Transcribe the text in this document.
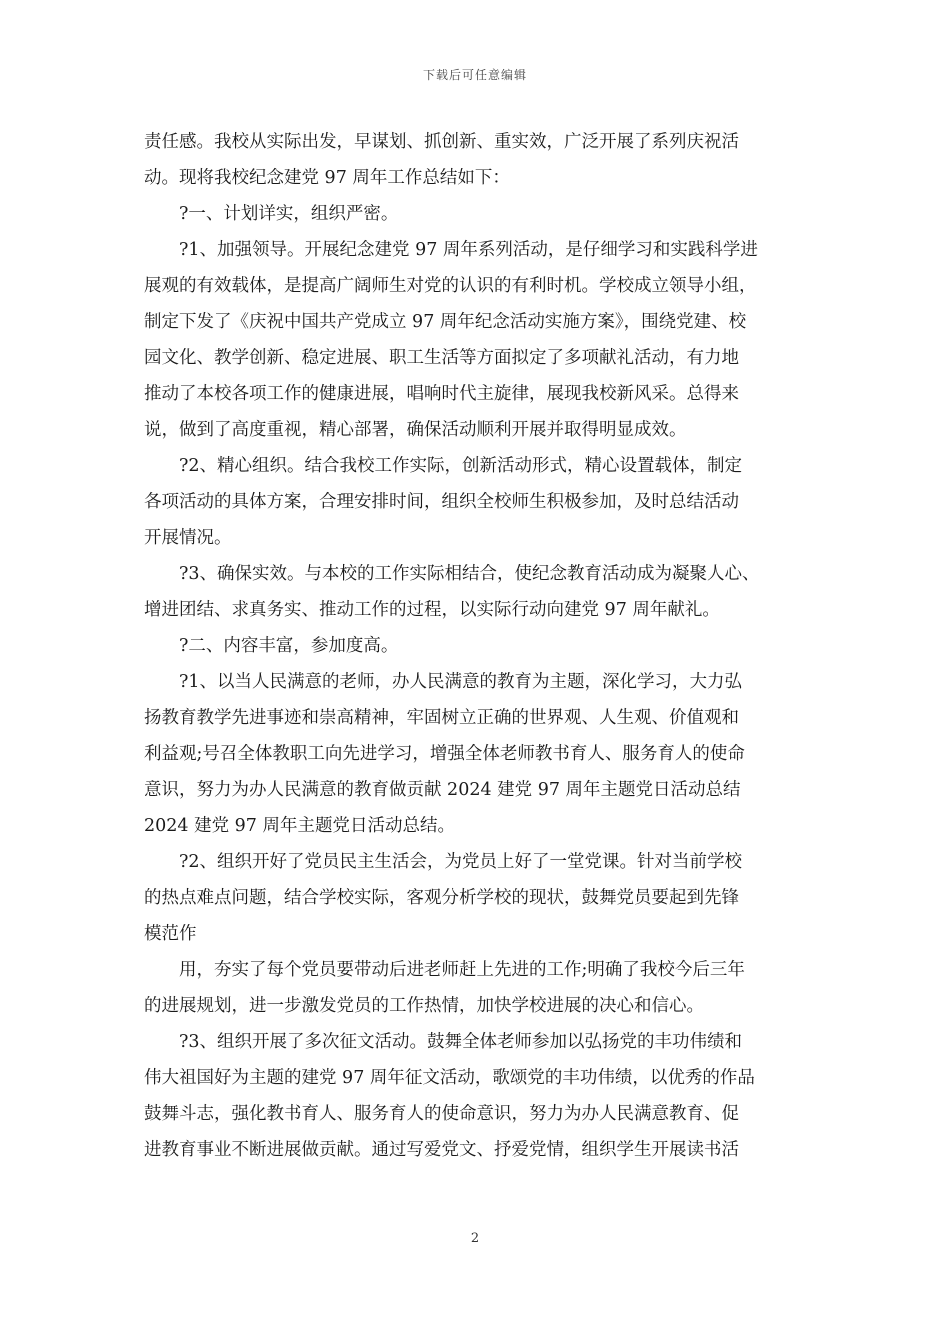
下载后可任意编辑
责任感。我校从实际出发，早谋划、抓创新、重实效，广泛开展了系列庆祝活
动。现将我校纪念建党 97 周年工作总结如下：
?一、计划详实，组织严密。
?1、加强领导。开展纪念建党 97 周年系列活动，是仔细学习和实践科学进
展观的有效载体，是提高广阔师生对党的认识的有利时机。学校成立领导小组，
制定下发了《庆祝中国共产党成立 97 周年纪念活动实施方案》，围绕党建、校
园文化、教学创新、稳定进展、职工生活等方面拟定了多项献礼活动，有力地
推动了本校各项工作的健康进展，唱响时代主旋律，展现我校新风采。总得来
说，做到了高度重视，精心部署，确保活动顺利开展并取得明显成效。
?2、精心组织。结合我校工作实际，创新活动形式，精心设置载体，制定
各项活动的具体方案，合理安排时间，组织全校师生积极参加，及时总结活动
开展情况。
?3、确保实效。与本校的工作实际相结合，使纪念教育活动成为凝聚人心、
增进团结、求真务实、推动工作的过程，以实际行动向建党 97 周年献礼。
?二、内容丰富，参加度高。
?1、以当人民满意的老师，办人民满意的教育为主题，深化学习，大力弘
扬教育教学先进事迹和崇高精神，牢固树立正确的世界观、人生观、价值观和
利益观;号召全体教职工向先进学习，增强全体老师教书育人、服务育人的使命
意识，努力为办人民满意的教育做贡献 2024 建党 97 周年主题党日活动总结
2024 建党 97 周年主题党日活动总结。
?2、组织开好了党员民主生活会，为党员上好了一堂党课。针对当前学校
的热点难点问题，结合学校实际，客观分析学校的现状，鼓舞党员要起到先锋
模范作
用，夯实了每个党员要带动后进老师赶上先进的工作;明确了我校今后三年
的进展规划，进一步激发党员的工作热情，加快学校进展的决心和信心。
?3、组织开展了多次征文活动。鼓舞全体老师参加以弘扬党的丰功伟绩和
伟大祖国好为主题的建党 97 周年征文活动，歌颂党的丰功伟绩，以优秀的作品
鼓舞斗志，强化教书育人、服务育人的使命意识，努力为办人民满意教育、促
进教育事业不断进展做贡献。通过写爱党文、抒爱党情，组织学生开展读书活
2
